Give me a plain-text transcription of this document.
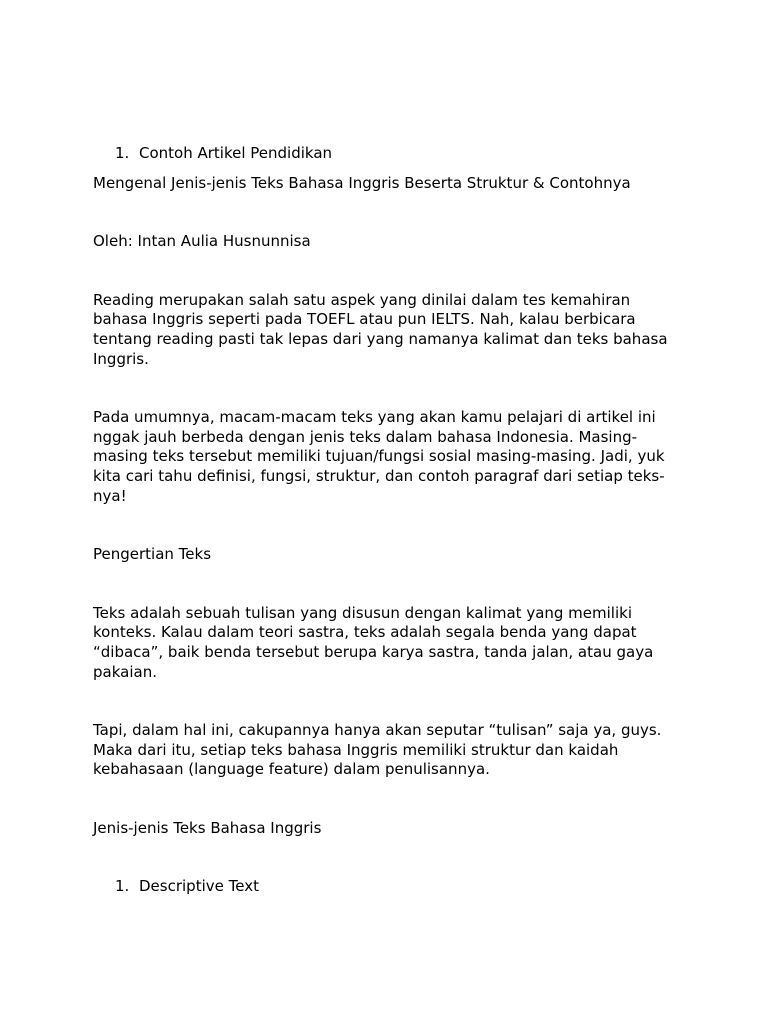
1. Contoh Artikel Pendidikan

Mengenal Jenis-jenis Teks Bahasa Inggris Beserta Struktur & Contohnya

Oleh: Intan Aulia Husnunnisa

Reading merupakan salah satu aspek yang dinilai dalam tes kemahiran bahasa Inggris seperti pada TOEFL atau pun IELTS. Nah, kalau berbicara tentang reading pasti tak lepas dari yang namanya kalimat dan teks bahasa Inggris.

Pada umumnya, macam-macam teks yang akan kamu pelajari di artikel ini nggak jauh berbeda dengan jenis teks dalam bahasa Indonesia. Masing-masing teks tersebut memiliki tujuan/fungsi sosial masing-masing. Jadi, yuk kita cari tahu definisi, fungsi, struktur, dan contoh paragraf dari setiap teks-nya!

Pengertian Teks

Teks adalah sebuah tulisan yang disusun dengan kalimat yang memiliki konteks. Kalau dalam teori sastra, teks adalah segala benda yang dapat “dibaca”, baik benda tersebut berupa karya sastra, tanda jalan, atau gaya pakaian.

Tapi, dalam hal ini, cakupannya hanya akan seputar “tulisan” saja ya, guys. Maka dari itu, setiap teks bahasa Inggris memiliki struktur dan kaidah kebahasaan (language feature) dalam penulisannya.

Jenis-jenis Teks Bahasa Inggris

1. Descriptive Text
